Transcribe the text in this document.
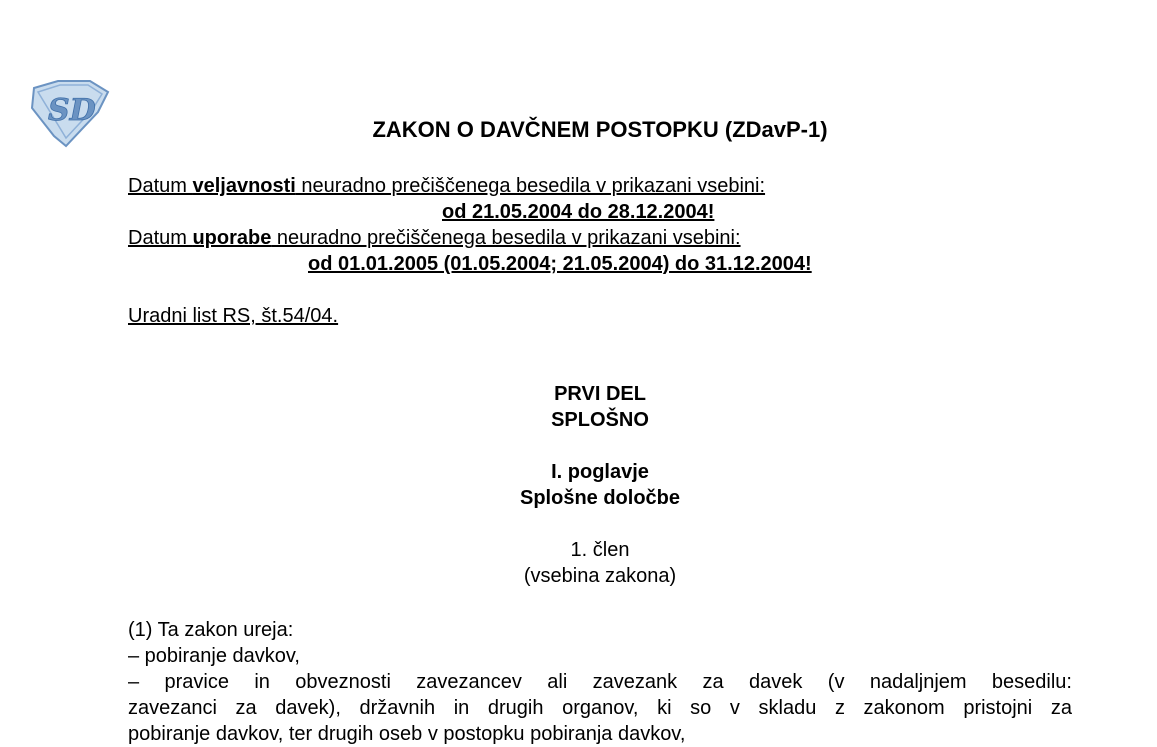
SD
ZAKON O DAVČNEM POSTOPKU (ZDavP-1)
Datum veljavnosti neuradno prečiščenega besedila v prikazani vsebini:
od 21.05.2004 do 28.12.2004!
Datum uporabe neuradno prečiščenega besedila v prikazani vsebini:
od 01.01.2005 (01.05.2004; 21.05.2004) do 31.12.2004!
Uradni list RS, št.54/04.
PRVI DEL
SPLOŠNO
I. poglavje
Splošne določbe
1. člen
(vsebina zakona)
(1) Ta zakon ureja:
– pobiranje davkov,
– pravice in obveznosti zavezancev ali zavezank za davek (v nadaljnjem besedilu:
zavezanci za davek), državnih in drugih organov, ki so v skladu z zakonom pristojni za
pobiranje davkov, ter drugih oseb v postopku pobiranja davkov,
